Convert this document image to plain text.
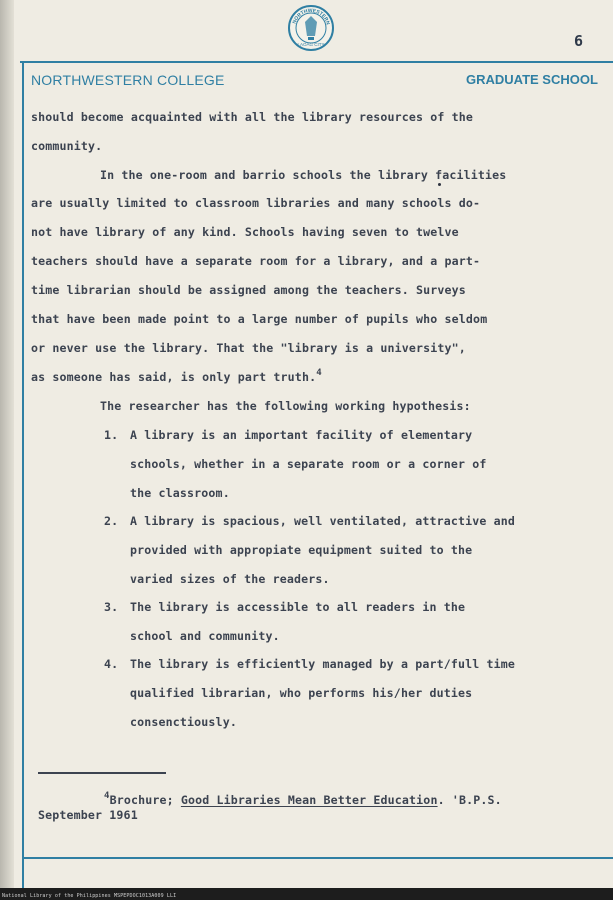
NORTHWESTERN
LAOAG CITY	6
NORTHWESTERN COLLEGE	GRADUATE SCHOOL
should become acquainted with all the library resources of the
community.
In the one-room and barrio schools the library facilities
are usually limited to classroom libraries and many schools do-
not have library of any kind. Schools having seven to twelve
teachers should have a separate room for a library, and a part-
time librarian should be assigned among the teachers. Surveys
that have been made point to a large number of pupils who seldom
or never use the library. That the "library is a university",
as someone has said, is only part truth.$^4$
The researcher has the following working hypothesis:
1. A library is an important facility of elementary
schools, whether in a separate room or a corner of
the classroom.
2. A library is spacious, well ventilated, attractive and
provided with appropiate equipment suited to the
varied sizes of the readers.
3. The library is accessible to all readers in the
school and community.
4. The library is efficiently managed by a part/full time
qualified librarian, who performs his/her duties
consenctiously.
$^4$Brochure; Good Libraries Mean Better Education. 'B.P.S.
September 1961
National Library of the Philippines MSPEPDOC1013A009 LLI
